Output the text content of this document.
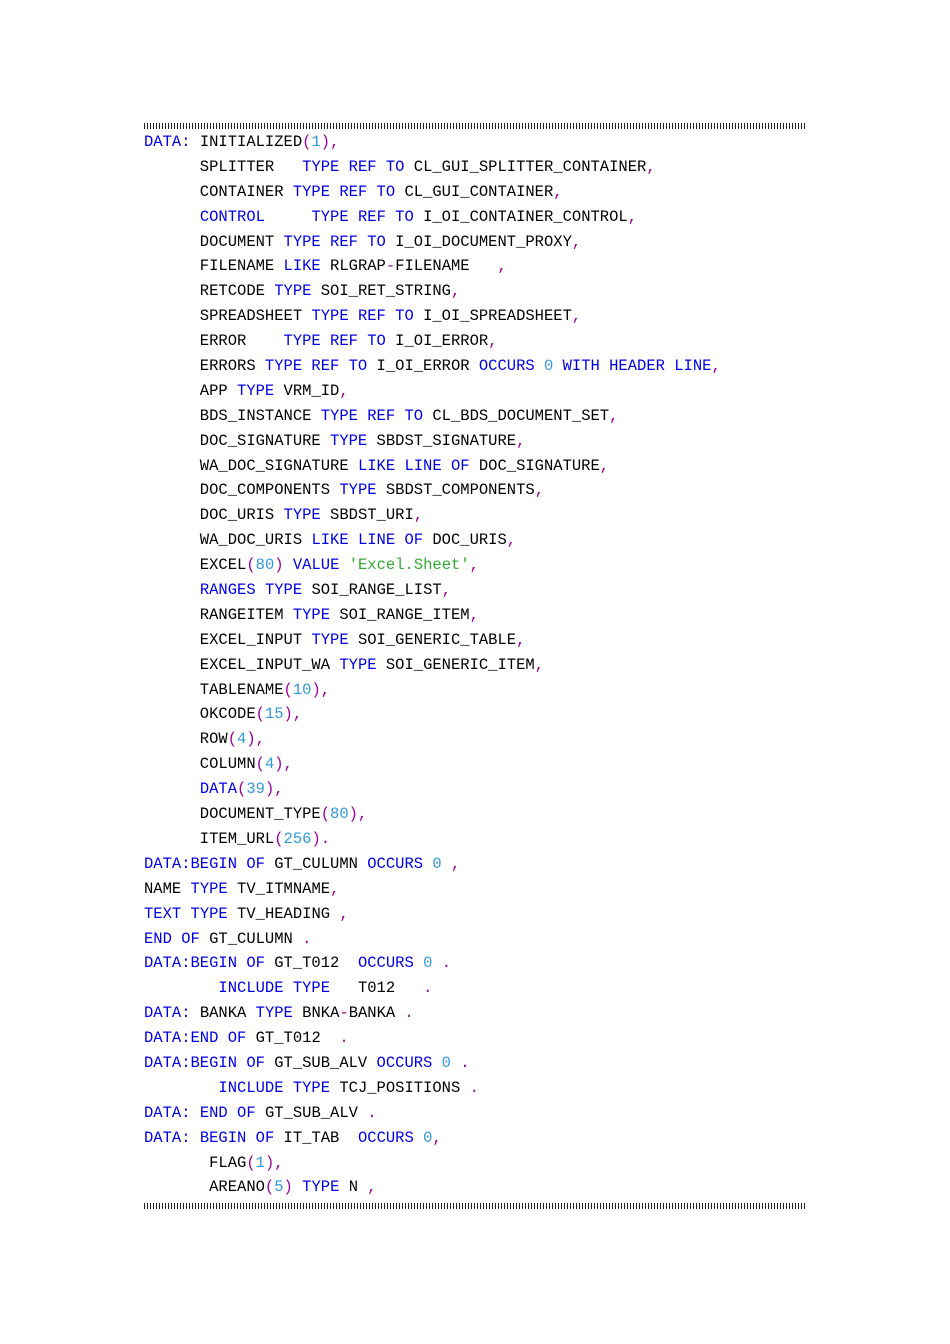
DATA: INITIALIZED(1),
SPLITTER   TYPE REF TO CL_GUI_SPLITTER_CONTAINER,
CONTAINER TYPE REF TO CL_GUI_CONTAINER,
CONTROL	TYPE REF TO I_OI_CONTAINER_CONTROL,
DOCUMENT TYPE REF TO I_OI_DOCUMENT_PROXY,
FILENAME LIKE RLGRAP-FILENAME   ,
RETCODE TYPE SOI_RET_STRING,
SPREADSHEET TYPE REF TO I_OI_SPREADSHEET,
ERROR    TYPE REF TO I_OI_ERROR,
ERRORS TYPE REF TO I_OI_ERROR OCCURS 0 WITH HEADER LINE,
APP TYPE VRM_ID,
BDS_INSTANCE TYPE REF TO CL_BDS_DOCUMENT_SET,
DOC_SIGNATURE TYPE SBDST_SIGNATURE,
WA_DOC_SIGNATURE LIKE LINE OF DOC_SIGNATURE,
DOC_COMPONENTS TYPE SBDST_COMPONENTS,
DOC_URIS TYPE SBDST_URI,
WA_DOC_URIS LIKE LINE OF DOC_URIS,
EXCEL(80) VALUE 'Excel.Sheet',
RANGES TYPE SOI_RANGE_LIST,
RANGEITEM TYPE SOI_RANGE_ITEM,
EXCEL_INPUT TYPE SOI_GENERIC_TABLE,
EXCEL_INPUT_WA TYPE SOI_GENERIC_ITEM,
TABLENAME(10),
OKCODE(15),
ROW(4),
COLUMN(4),
DATA(39),
DOCUMENT_TYPE(80),
ITEM_URL(256).
DATA:BEGIN OF GT_CULUMN OCCURS 0 ,
NAME TYPE TV_ITMNAME,
TEXT TYPE TV_HEADING ,
END OF GT_CULUMN .
DATA:BEGIN OF GT_T012  OCCURS 0 .
INCLUDE TYPE   T012   .
DATA: BANKA TYPE BNKA-BANKA .
DATA:END OF GT_T012  .
DATA:BEGIN OF GT_SUB_ALV OCCURS 0 .
INCLUDE TYPE TCJ_POSITIONS .
DATA: END OF GT_SUB_ALV .
DATA: BEGIN OF IT_TAB  OCCURS 0,
FLAG(1),
AREANO(5) TYPE N ,
